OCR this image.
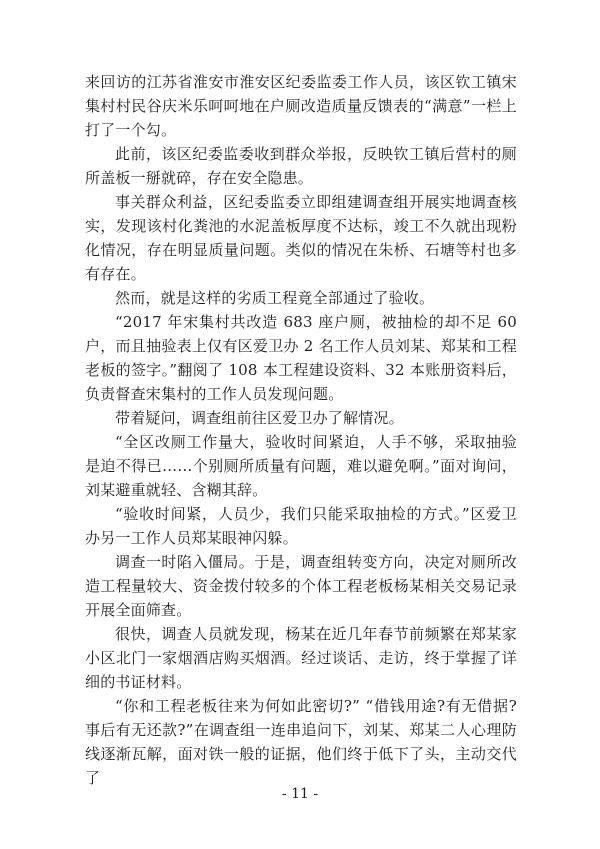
来回访的江苏省淮安市淮安区纪委监委工作人员，该区钦工镇宋集村村民谷庆米乐呵呵地在户厕改造质量反馈表的“满意”一栏上打了一个勾。

此前，该区纪委监委收到群众举报，反映钦工镇后营村的厕所盖板一掰就碎，存在安全隐患。

事关群众利益，区纪委监委立即组建调查组开展实地调查核实，发现该村化粪池的水泥盖板厚度不达标，竣工不久就出现粉化情况，存在明显质量问题。类似的情况在朱桥、石塘等村也多有存在。

然而，就是这样的劣质工程竟全部通过了验收。

“2017 年宋集村共改造 683 座户厕，被抽检的却不足 60 户，而且抽验表上仅有区爱卫办 2 名工作人员刘某、郑某和工程老板的签字。”翻阅了 108 本工程建设资料、32 本账册资料后，负责督查宋集村的工作人员发现问题。

带着疑问，调查组前往区爱卫办了解情况。

“全区改厕工作量大，验收时间紧迫，人手不够，采取抽验是迫不得已……个别厕所质量有问题，难以避免啊。”面对询问，刘某避重就轻、含糊其辞。

“验收时间紧，人员少，我们只能采取抽检的方式。”区爱卫办另一工作人员郑某眼神闪躲。

调查一时陷入僵局。于是，调查组转变方向，决定对厕所改造工程量较大、资金拨付较多的个体工程老板杨某相关交易记录开展全面筛查。

很快，调查人员就发现，杨某在近几年春节前频繁在郑某家小区北门一家烟酒店购买烟酒。经过谈话、走访，终于掌握了详细的书证材料。

“你和工程老板往来为何如此密切?” “借钱用途?有无借据?事后有无还款?”在调查组一连串追问下，刘某、郑某二人心理防线逐渐瓦解，面对铁一般的证据，他们终于低下了头，主动交代了

- 11 -
